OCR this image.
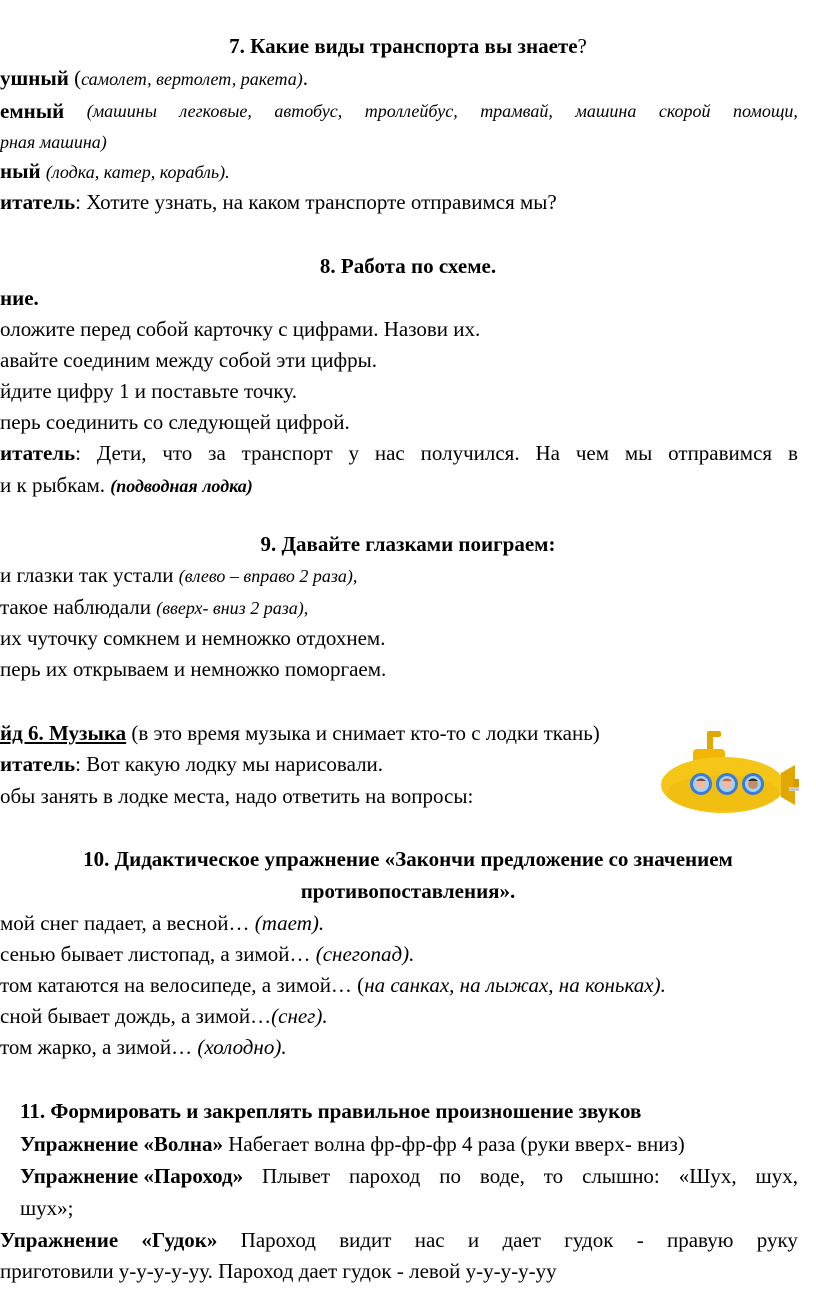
7. Какие виды транспорта вы знаете?
ушный (самолет, вертолет, ракета).
емный (машины легковые, автобус, троллейбус, трамвай, машина скорой помощи,
рная машина)
ный (лодка, катер, корабль).
итатель: Хотите узнать, на каком транспорте отправимся мы?
8. Работа по схеме.
ние.
оложите перед собой карточку с цифрами. Назови их.
авайте соединим между собой эти цифры.
йдите цифру 1 и поставьте точку.
перь соединить со следующей цифрой.
итатель: Дети, что за транспорт у нас получился. На чем мы отправимся в
и к рыбкам. (подводная лодка)
9. Давайте глазками поиграем:
и глазки так устали (влево – вправо 2 раза),
такое наблюдали (вверх- вниз 2 раза),
их чуточку сомкнем и немножко отдохнем.
перь их открываем и немножко поморгаем.
йд 6. Музыка (в это время музыка и снимает кто-то с лодки ткань)
итатель: Вот какую лодку мы нарисовали.
обы занять в лодке места, надо ответить на вопросы:
10. Дидактическое упражнение «Закончи предложение со значением
противопоставления».
мой снег падает, а весной… (тает).
сенью бывает листопад, а зимой… (снегопад).
том катаются на велосипеде, а зимой… (на санках, на лыжах, на коньках).
сной бывает дождь, а зимой…(снег).
том жарко, а зимой… (холодно).
11. Формировать и закреплять правильное произношение звуков
Упражнение «Волна» Набегает волна фр-фр-фр 4 раза (руки вверх- вниз)
Упражнение «Пароход» Плывет пароход по воде, то слышно: «Шух, шух,
шух»;
Упражнение «Гудок» Пароход видит нас и дает гудок - правую руку
приготовили у-у-у-у-уу. Пароход дает гудок - левой у-у-у-у-уу
